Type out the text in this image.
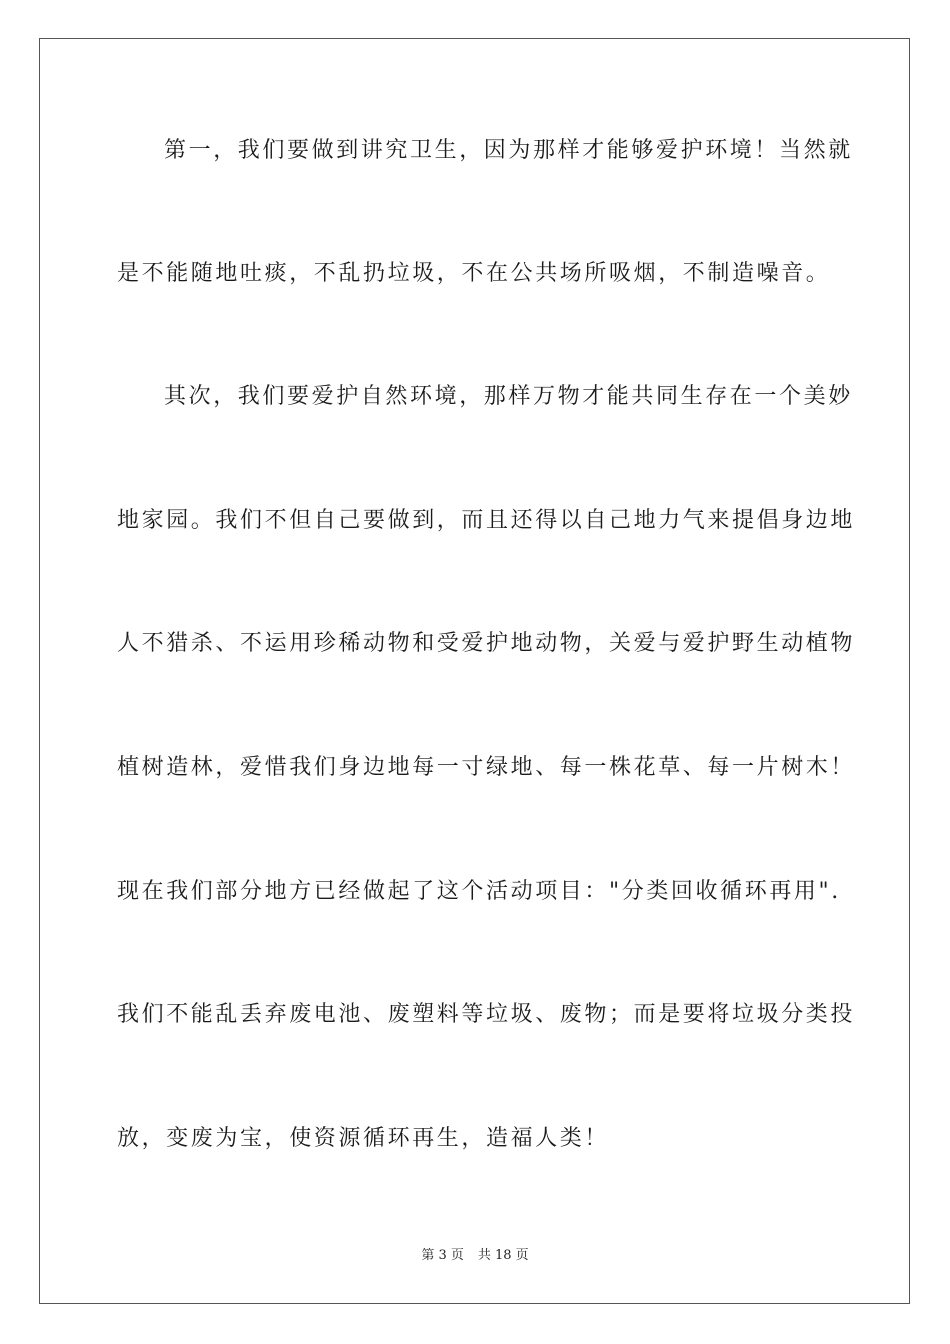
第一，我们要做到讲究卫生，因为那样才能够爱护环境！当然就
是不能随地吐痰，不乱扔垃圾，不在公共场所吸烟，不制造噪音。
其次，我们要爱护自然环境，那样万物才能共同生存在一个美妙
地家园。我们不但自己要做到，而且还得以自己地力气来提倡身边地
人不猎杀、不运用珍稀动物和受爱护地动物，关爱与爱护野生动植物
植树造林，爱惜我们身边地每一寸绿地、每一株花草、每一片树木！
现在我们部分地方已经做起了这个活动项目："分类回收循环再用".
我们不能乱丢弃废电池、废塑料等垃圾、废物；而是要将垃圾分类投
放，变废为宝，使资源循环再生，造福人类！
第 3 页 共 18 页
